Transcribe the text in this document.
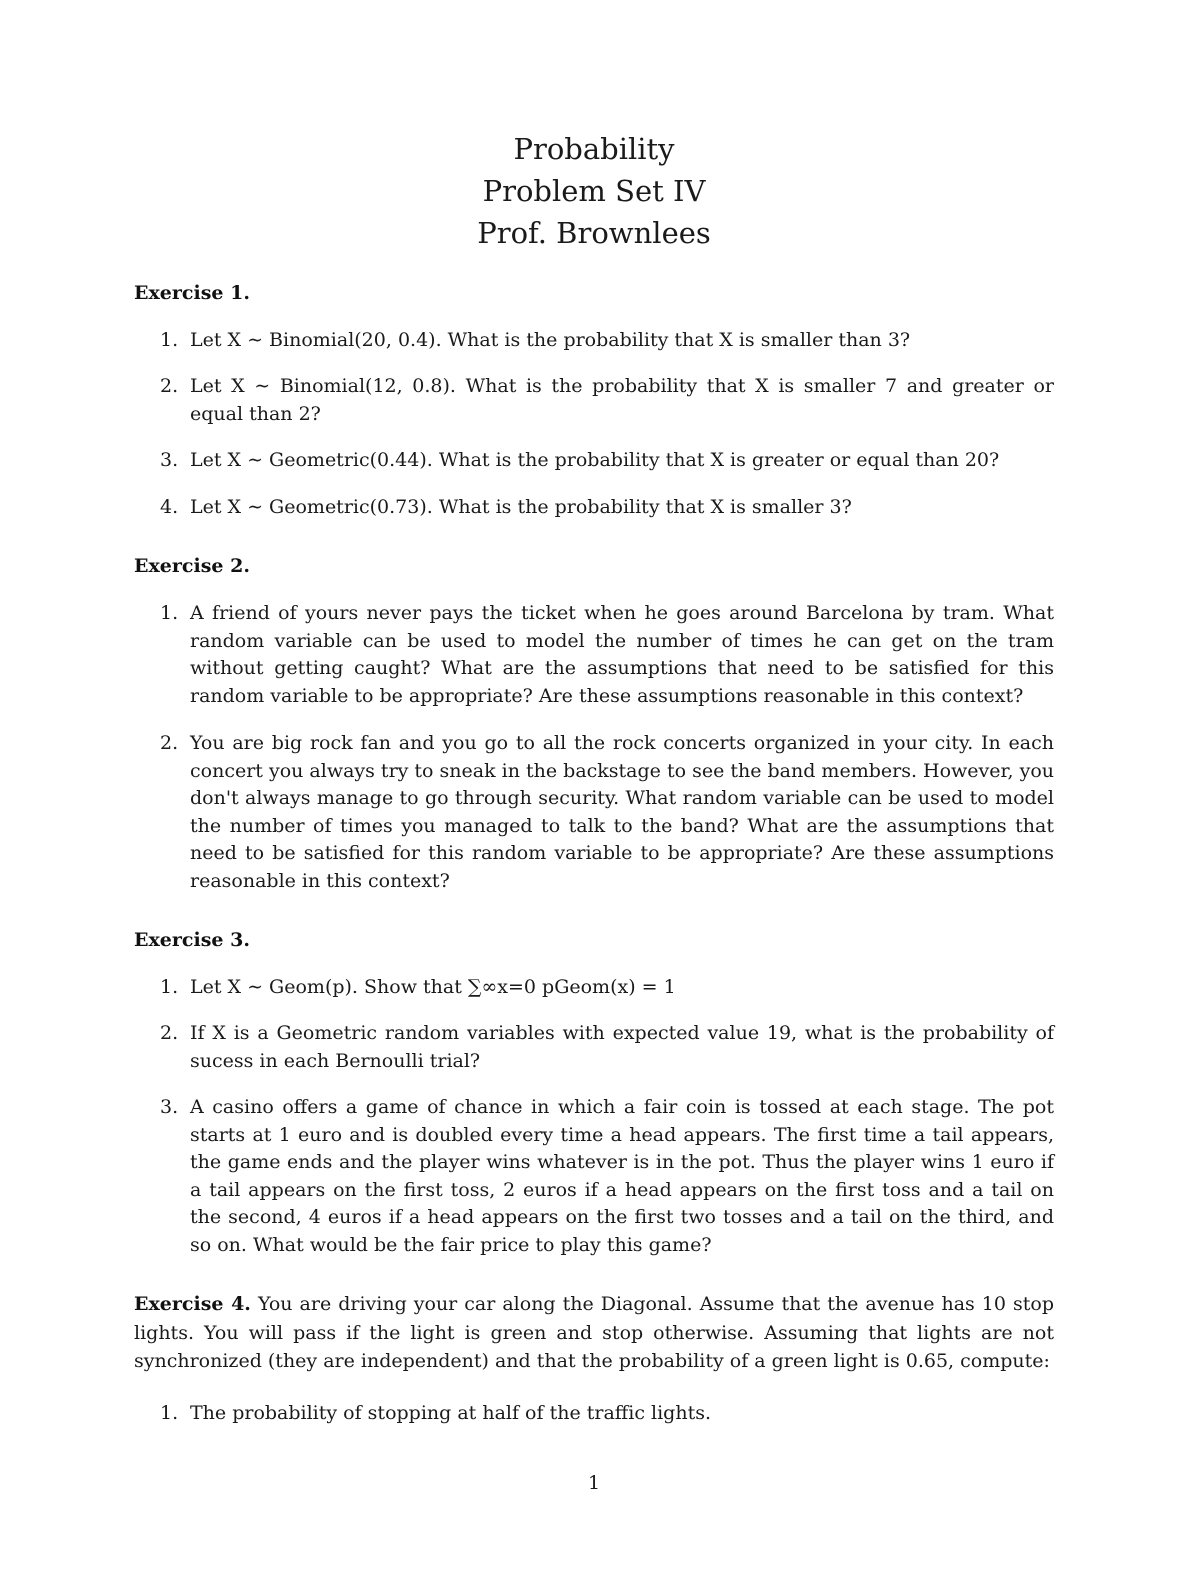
Probability
Problem Set IV
Prof. Brownlees
Exercise 1.
1. Let X ∼ Binomial(20, 0.4). What is the probability that X is smaller than 3?
2. Let X ∼ Binomial(12, 0.8). What is the probability that X is smaller 7 and greater or equal than 2?
3. Let X ∼ Geometric(0.44). What is the probability that X is greater or equal than 20?
4. Let X ∼ Geometric(0.73). What is the probability that X is smaller 3?
Exercise 2.
1. A friend of yours never pays the ticket when he goes around Barcelona by tram. What random variable can be used to model the number of times he can get on the tram without getting caught? What are the assumptions that need to be satisfied for this random variable to be appropriate? Are these assumptions reasonable in this context?
2. You are big rock fan and you go to all the rock concerts organized in your city. In each concert you always try to sneak in the backstage to see the band members. However, you don't always manage to go through security. What random variable can be used to model the number of times you managed to talk to the band? What are the assumptions that need to be satisfied for this random variable to be appropriate? Are these assumptions reasonable in this context?
Exercise 3.
1. Let X ∼ Geom(p). Show that ∑∞x=0 pGeom(x) = 1
2. If X is a Geometric random variables with expected value 19, what is the probability of sucess in each Bernoulli trial?
3. A casino offers a game of chance in which a fair coin is tossed at each stage. The pot starts at 1 euro and is doubled every time a head appears. The first time a tail appears, the game ends and the player wins whatever is in the pot. Thus the player wins 1 euro if a tail appears on the first toss, 2 euros if a head appears on the first toss and a tail on the second, 4 euros if a head appears on the first two tosses and a tail on the third, and so on. What would be the fair price to play this game?
Exercise 4. You are driving your car along the Diagonal. Assume that the avenue has 10 stop lights. You will pass if the light is green and stop otherwise. Assuming that lights are not synchronized (they are independent) and that the probability of a green light is 0.65, compute:
1. The probability of stopping at half of the traffic lights.
1
